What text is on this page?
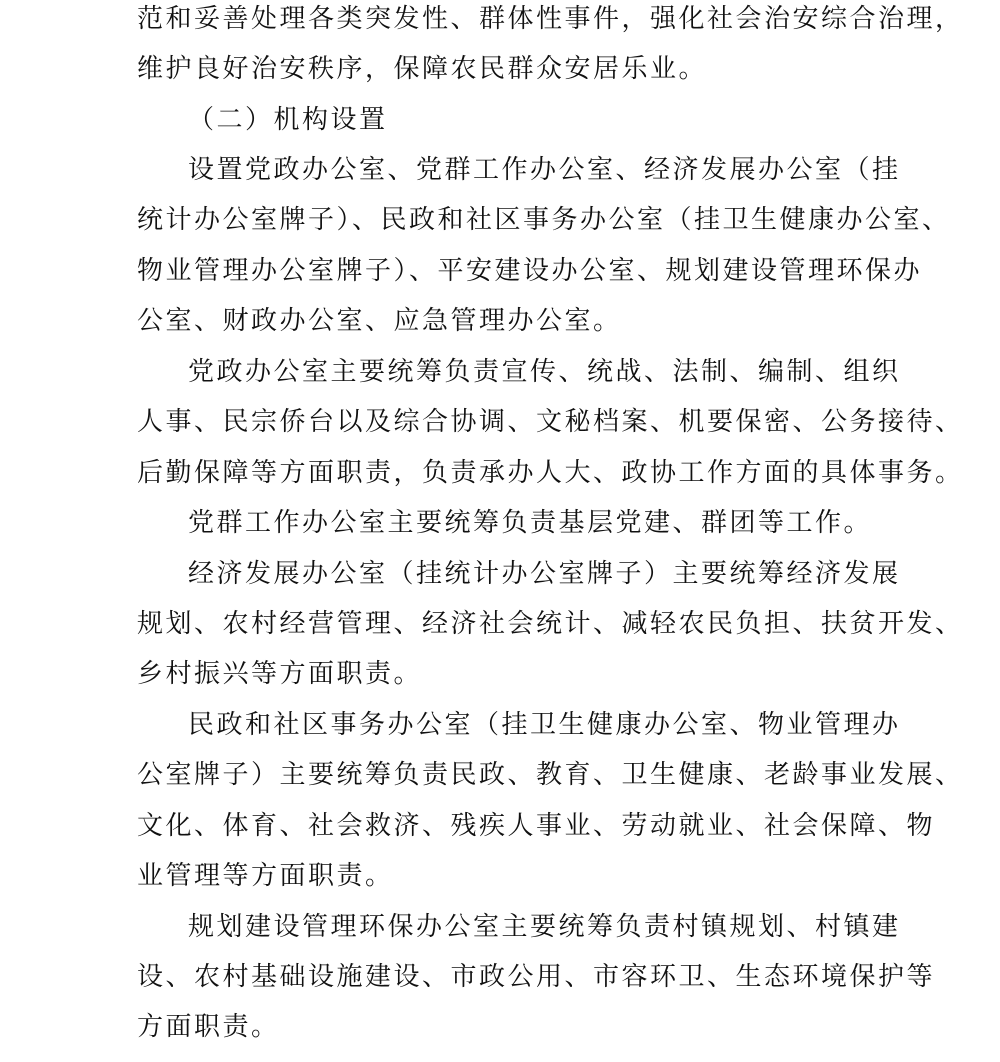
范和妥善处理各类突发性、群体性事件，强化社会治安综合治理，
维护良好治安秩序，保障农民群众安居乐业。
（二）机构设置
设置党政办公室、党群工作办公室、经济发展办公室（挂
统计办公室牌子）、民政和社区事务办公室（挂卫生健康办公室、
物业管理办公室牌子）、平安建设办公室、规划建设管理环保办
公室、财政办公室、应急管理办公室。
党政办公室主要统筹负责宣传、统战、法制、编制、组织
人事、民宗侨台以及综合协调、文秘档案、机要保密、公务接待、
后勤保障等方面职责，负责承办人大、政协工作方面的具体事务。
党群工作办公室主要统筹负责基层党建、群团等工作。
经济发展办公室（挂统计办公室牌子）主要统筹经济发展
规划、农村经营管理、经济社会统计、减轻农民负担、扶贫开发、
乡村振兴等方面职责。
民政和社区事务办公室（挂卫生健康办公室、物业管理办
公室牌子）主要统筹负责民政、教育、卫生健康、老龄事业发展、
文化、体育、社会救济、残疾人事业、劳动就业、社会保障、物
业管理等方面职责。
规划建设管理环保办公室主要统筹负责村镇规划、村镇建
设、农村基础设施建设、市政公用、市容环卫、生态环境保护等
方面职责。
